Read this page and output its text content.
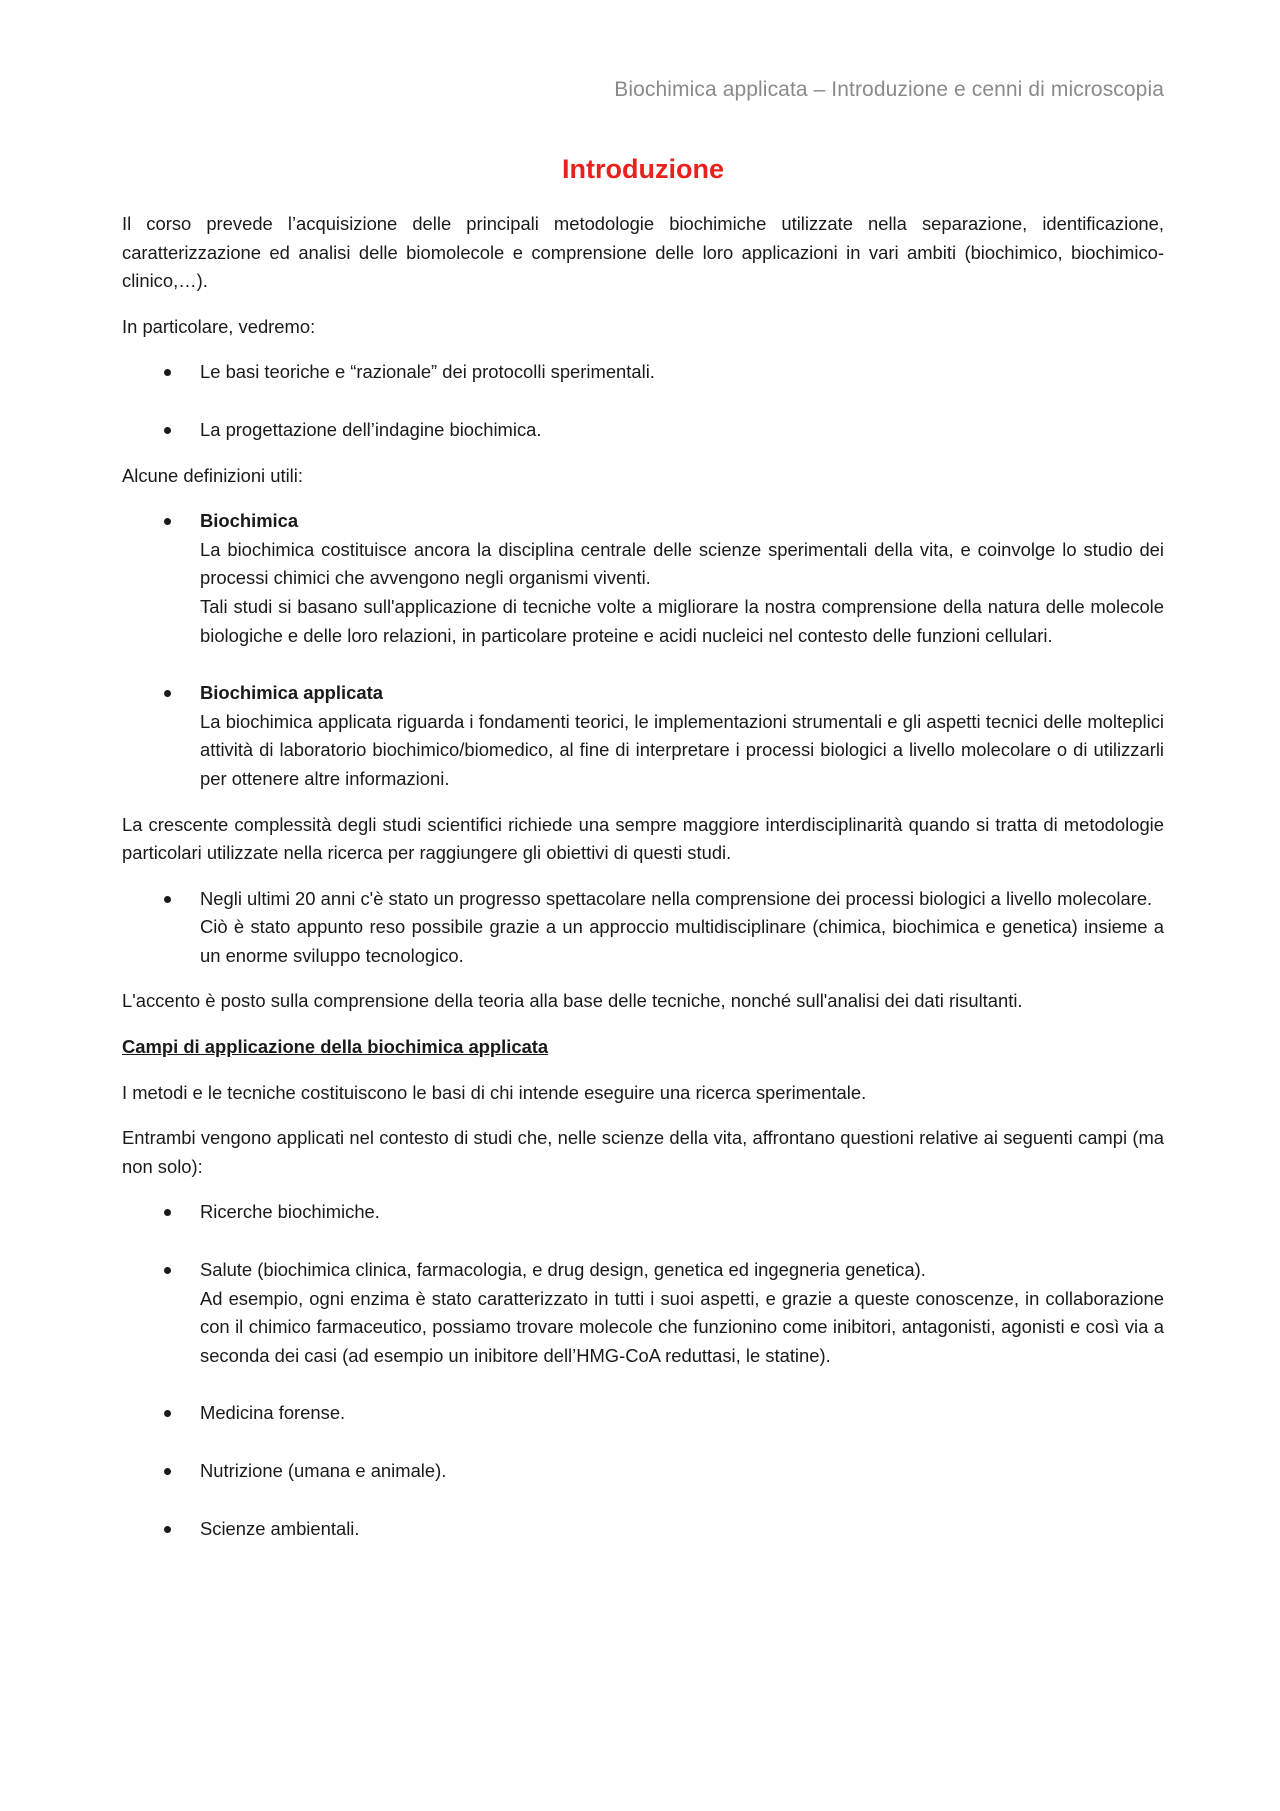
Biochimica applicata – Introduzione e cenni di microscopia
Introduzione

Il corso prevede l’acquisizione delle principali metodologie biochimiche utilizzate nella separazione, identificazione, caratterizzazione ed analisi delle biomolecole e comprensione delle loro applicazioni in vari ambiti (biochimico, biochimico-clinico,…).

In particolare, vedremo:

Le basi teoriche e “razionale” dei protocolli sperimentali.
La progettazione dell’indagine biochimica.

Alcune definizioni utili:

Biochimica
La biochimica costituisce ancora la disciplina centrale delle scienze sperimentali della vita, e coinvolge lo studio dei processi chimici che avvengono negli organismi viventi.
Tali studi si basano sull'applicazione di tecniche volte a migliorare la nostra comprensione della natura delle molecole biologiche e delle loro relazioni, in particolare proteine e acidi nucleici nel contesto delle funzioni cellulari.
Biochimica applicata
La biochimica applicata riguarda i fondamenti teorici, le implementazioni strumentali e gli aspetti tecnici delle molteplici attività di laboratorio biochimico/biomedico, al fine di interpretare i processi biologici a livello molecolare o di utilizzarli per ottenere altre informazioni.

La crescente complessità degli studi scientifici richiede una sempre maggiore interdisciplinarità quando si tratta di metodologie particolari utilizzate nella ricerca per raggiungere gli obiettivi di questi studi.

Negli ultimi 20 anni c'è stato un progresso spettacolare nella comprensione dei processi biologici a livello molecolare.
Ciò è stato appunto reso possibile grazie a un approccio multidisciplinare (chimica, biochimica e genetica) insieme a un enorme sviluppo tecnologico.

L'accento è posto sulla comprensione della teoria alla base delle tecniche, nonché sull'analisi dei dati risultanti.

Campi di applicazione della biochimica applicata

I metodi e le tecniche costituiscono le basi di chi intende eseguire una ricerca sperimentale.

Entrambi vengono applicati nel contesto di studi che, nelle scienze della vita, affrontano questioni relative ai seguenti campi (ma non solo):

Ricerche biochimiche.
Salute (biochimica clinica, farmacologia, e drug design, genetica ed ingegneria genetica).
Ad esempio, ogni enzima è stato caratterizzato in tutti i suoi aspetti, e grazie a queste conoscenze, in collaborazione con il chimico farmaceutico, possiamo trovare molecole che funzionino come inibitori, antagonisti, agonisti e così via a seconda dei casi (ad esempio un inibitore dell’HMG-CoA reduttasi, le statine).
Medicina forense.
Nutrizione (umana e animale).
Scienze ambientali.
